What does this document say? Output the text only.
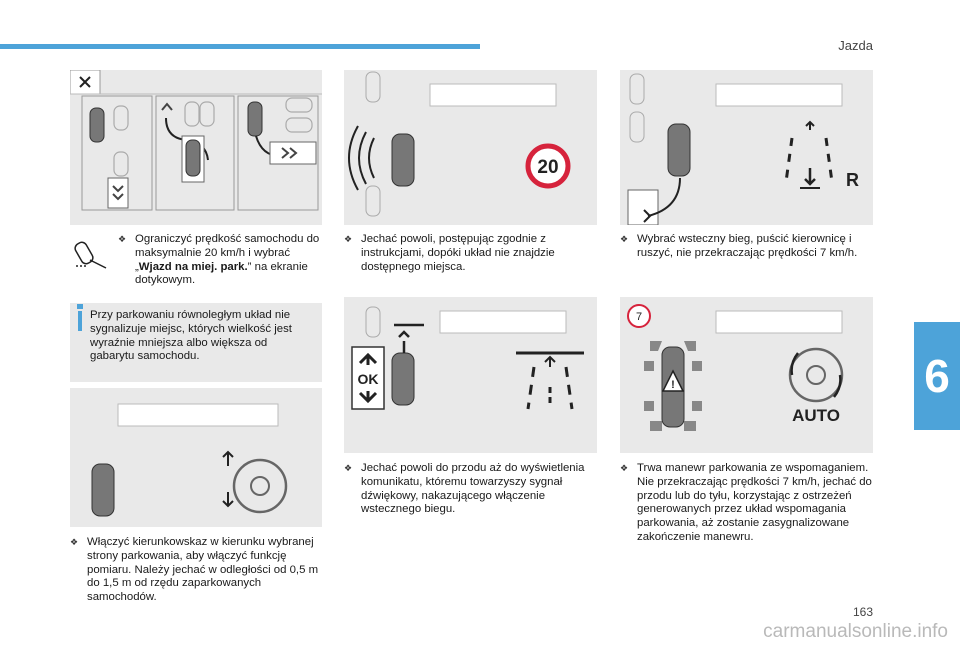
Jazda
6
❖ Ograniczyć prędkość samochodu do maksymalnie 20 km/h i wybrać „Wjazd na miej. park.” na ekranie dotykowym.
Przy parkowaniu równoległym układ nie sygnalizuje miejsc, których wielkość jest wyraźnie mniejsza albo większa od gabarytu samochodu.
❖ Włączyć kierunkowskaz w kierunku wybranej strony parkowania, aby włączyć funkcję pomiaru. Należy jechać w odległości od 0,5 m do 1,5 m od rzędu zaparkowanych samochodów.
20
❖ Jechać powoli, postępując zgodnie z instrukcjami, dopóki układ nie znajdzie dostępnego miejsca.
OK
❖ Jechać powoli do przodu aż do wyświetlenia komunikatu, któremu towarzyszy sygnał dźwiękowy, nakazującego włączenie wstecznego biegu.
R
❖ Wybrać wsteczny bieg, puścić kierownicę i ruszyć, nie przekraczając prędkości 7 km/h.
7
!
AUTO
❖ Trwa manewr parkowania ze wspomaganiem. Nie przekraczając prędkości 7 km/h, jechać do przodu lub do tyłu, korzystając z ostrzeżeń generowanych przez układ wspomagania parkowania, aż zostanie zasygnalizowane zakończenie manewru.
163
carmanualsonline.info
